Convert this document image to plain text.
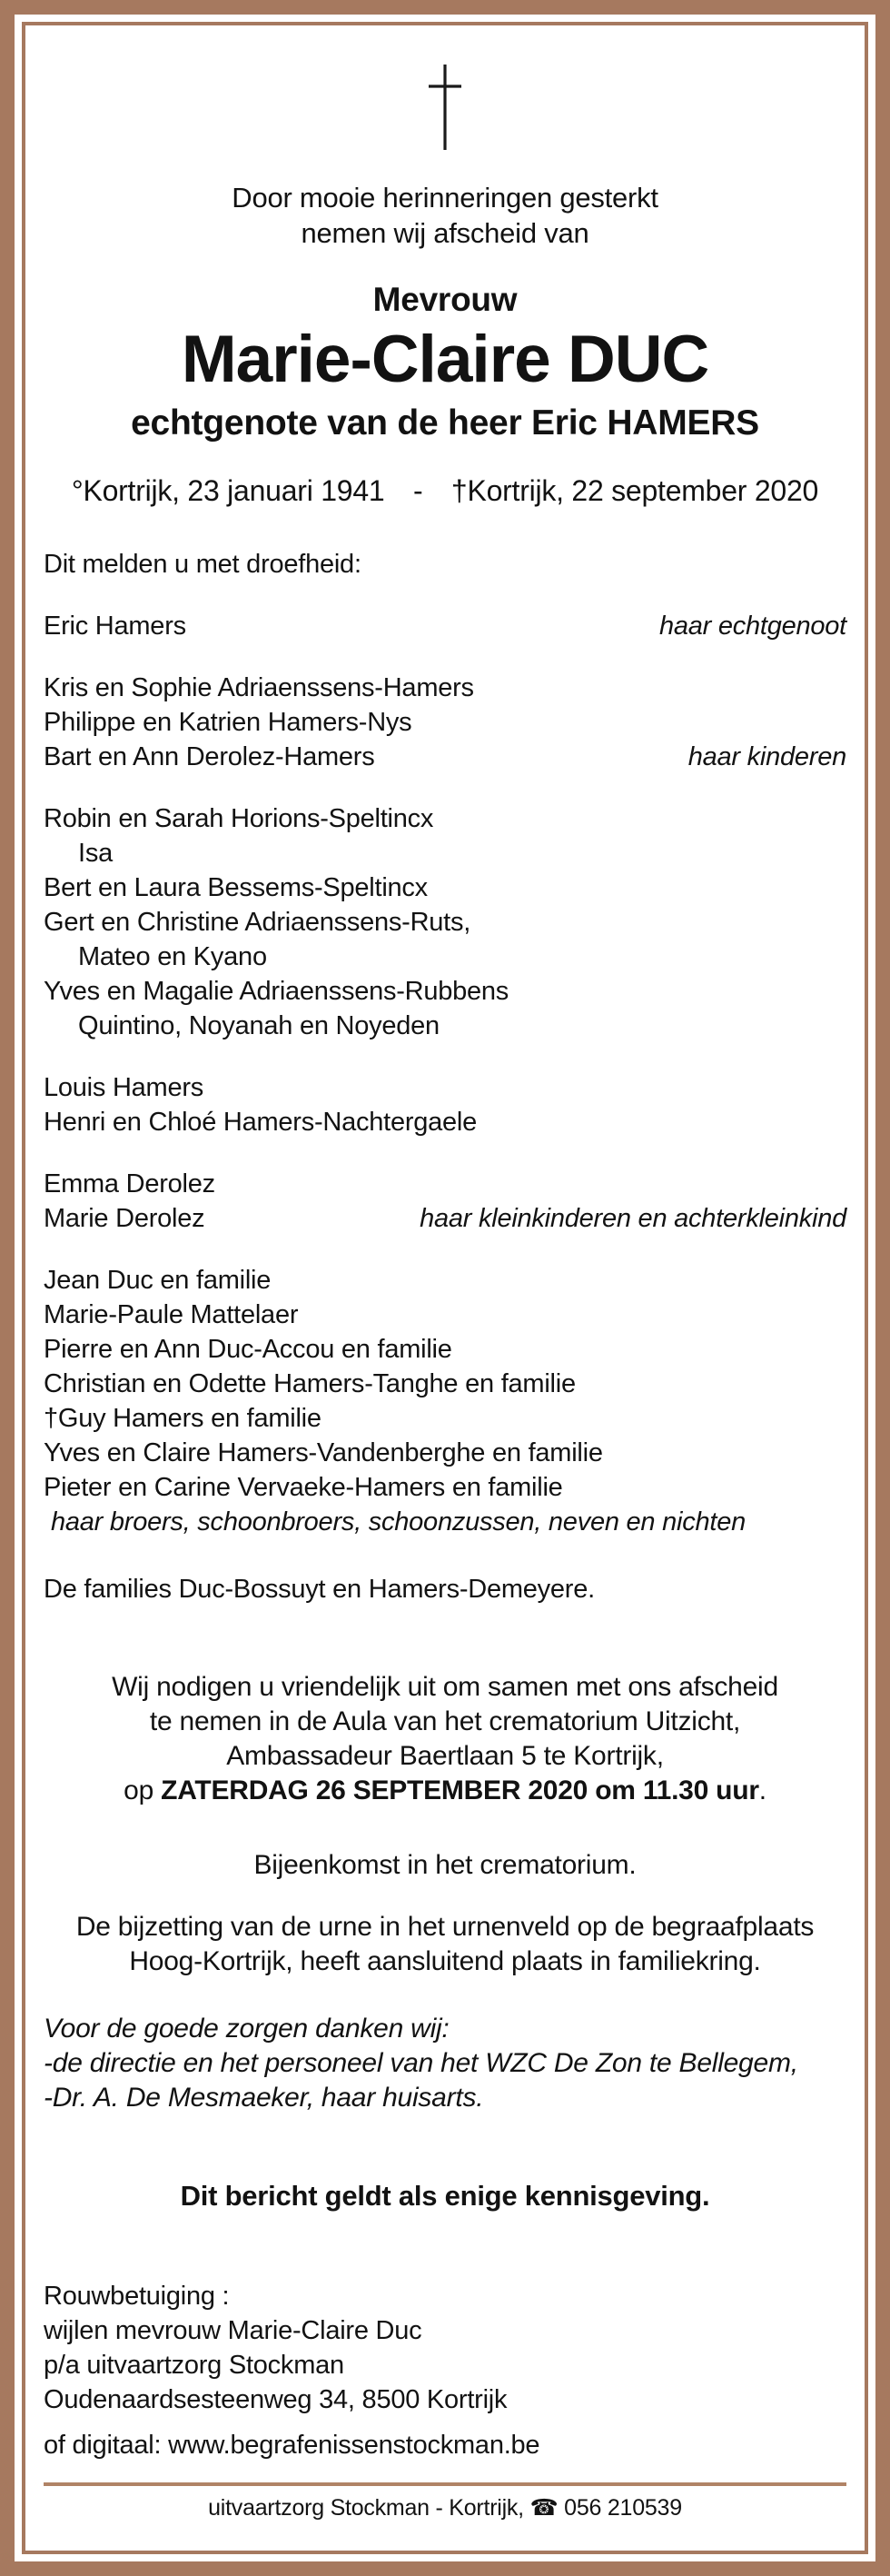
Door mooie herinneringen gesterkt
nemen wij afscheid van
Mevrouw
Marie-Claire DUC
echtgenote van de heer Eric HAMERS
°Kortrijk, 23 januari 1941  -  †Kortrijk, 22 september 2020
Dit melden u met droefheid:
Eric Hamers	haar echtgenoot
Kris en Sophie Adriaenssens-Hamers
Philippe en Katrien Hamers-Nys
Bart en Ann Derolez-Hamers	haar kinderen
Robin en Sarah Horions-Speltincx
Isa
Bert en Laura Bessems-Speltincx
Gert en Christine Adriaenssens-Ruts,
Mateo en Kyano
Yves en Magalie Adriaenssens-Rubbens
Quintino, Noyanah en Noyeden
Louis Hamers
Henri en Chloé Hamers-Nachtergaele
Emma Derolez
Marie Derolez	haar kleinkinderen en achterkleinkind
Jean Duc en familie
Marie-Paule Mattelaer
Pierre en Ann Duc-Accou en familie
Christian en Odette Hamers-Tanghe en familie
†Guy Hamers en familie
Yves en Claire Hamers-Vandenberghe en familie
Pieter en Carine Vervaeke-Hamers en familie
haar broers, schoonbroers, schoonzussen, neven en nichten
De families Duc-Bossuyt en Hamers-Demeyere.
Wij nodigen u vriendelijk uit om samen met ons afscheid
te nemen in de Aula van het crematorium Uitzicht,
Ambassadeur Baertlaan 5 te Kortrijk,
op ZATERDAG 26 SEPTEMBER 2020 om 11.30 uur.
Bijeenkomst in het crematorium.
De bijzetting van de urne in het urnenveld op de begraafplaats
Hoog-Kortrijk, heeft aansluitend plaats in familiekring.
Voor de goede zorgen danken wij:
-de directie en het personeel van het WZC De Zon te Bellegem,
-Dr. A. De Mesmaeker, haar huisarts.
Dit bericht geldt als enige kennisgeving.
Rouwbetuiging :
wijlen mevrouw Marie-Claire Duc
p/a uitvaartzorg Stockman
Oudenaardsesteenweg 34, 8500 Kortrijk
of digitaal: www.begrafenissenstockman.be
uitvaartzorg Stockman - Kortrijk, ☎ 056 210539
